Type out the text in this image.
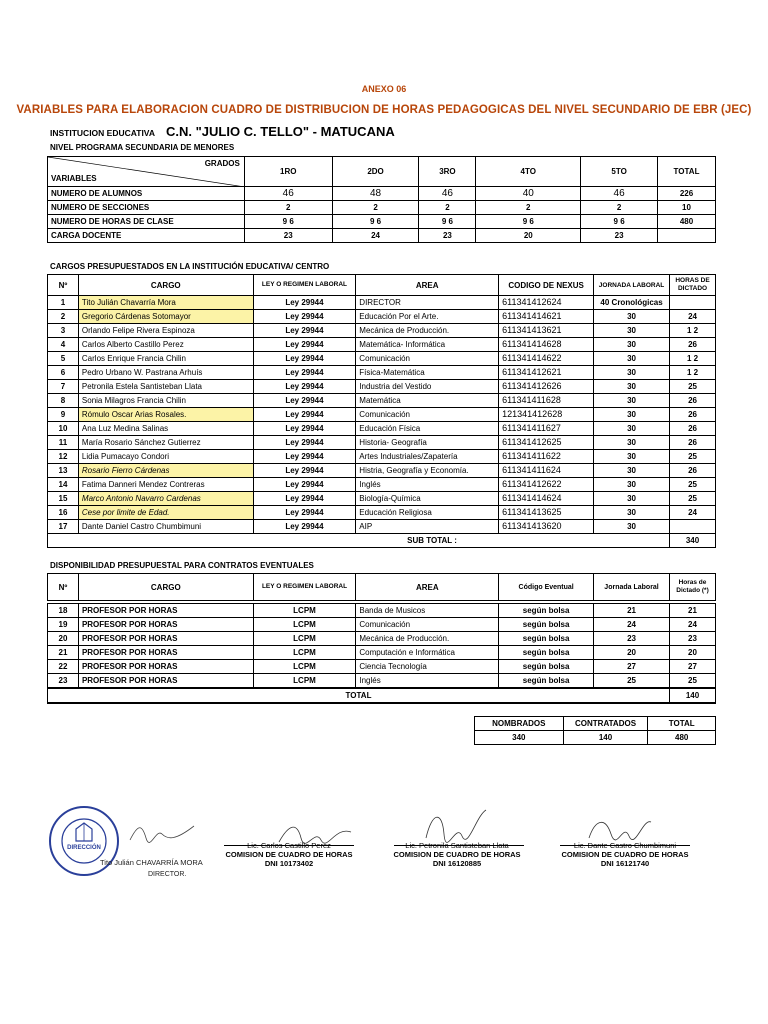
ANEXO 06
VARIABLES PARA ELABORACION CUADRO DE DISTRIBUCION DE HORAS PEDAGOGICAS DEL NIVEL SECUNDARIO DE EBR (JEC)
INSTITUCION EDUCATIVA C.N. "JULIO C. TELLO" - MATUCANA
NIVEL PROGRAMA SECUNDARIA DE MENORES
GRADOS
VARIABLES	1RO	2DO	3RO	4TO	5TO	TOTAL
NUMERO DE ALUMNOS	46	48	46	40	46	226
NUMERO DE SECCIONES	2	2	2	2	2	10
NUMERO DE HORAS DE CLASE	9 6	9 6	9 6	9 6	9 6	480
CARGA DOCENTE	23	24	23	20	23	
CARGOS PRESUPUESTADOS EN LA INSTITUCIÓN EDUCATIVA/ CENTRO
Nº	CARGO	LEY O REGIMEN LABORAL	AREA	CODIGO DE NEXUS	JORNADA LABORAL	HORAS DE DICTADO
1	Tito Julián Chavarría Mora	Ley 29944	DIRECTOR	611341412624	40 Cronológicas	
2	Gregorio Cárdenas Sotomayor	Ley 29944	Educación Por el Arte.	611341414621	30	24
3	Orlando Felipe Rivera Espinoza	Ley 29944	Mecánica de Producción.	611341413621	30	1 2
4	Carlos Alberto Castillo Perez	Ley 29944	Matemática- Informática	611341414628	30	26
5	Carlos Enrique Francia Chilin	Ley 29944	Comunicación	611341414622	30	1 2
6	Pedro Urbano W. Pastrana Arhuís	Ley 29944	Física-Matemática	611341412621	30	1 2
7	Petronila Estela Santisteban Llata	Ley 29944	Industria del Vestido	611341412626	30	25
8	Sonia Milagros Francia Chilin	Ley 29944	Matemática	611341411628	30	26
9	Rómulo Oscar Arias Rosales.	Ley 29944	Comunicación	121341412628	30	26
10	Ana Luz Medina Salinas	Ley 29944	Educación Física	611341411627	30	26
11	María Rosario Sánchez Gutierrez	Ley 29944	Historia- Geografía	611341412625	30	26
12	Lidia Pumacayo Condori	Ley 29944	Artes Industriales/Zapatería	611341411622	30	25
13	Rosario Fierro Cárdenas	Ley 29944	Histria, Geografía y Economía.	611341411624	30	26
14	Fatima Danneri Mendez Contreras	Ley 29944	Inglés	611341412622	30	25
15	Marco Antonio Navarro Cardenas	Ley 29944	Biología-Química	611341414624	30	25
16	Cese por limite de Edad.	Ley 29944	Educación Religiosa	611341413625	30	24
17	Dante Daniel Castro Chumbimuni	Ley 29944	AIP	611341413620	30	
SUB TOTAL :						340
DISPONIBILIDAD PRESUPUESTAL PARA CONTRATOS EVENTUALES
Nº	CARGO	LEY O REGIMEN LABORAL	AREA	Código Eventual	Jornada Laboral	Horas de Dictado (*)

18	PROFESOR POR HORAS	LCPM	Banda de Musicos	según bolsa	21	21
19	PROFESOR POR HORAS	LCPM	Comunicación	según bolsa	24	24
20	PROFESOR POR HORAS	LCPM	Mecánica de Producción.	según bolsa	23	23
21	PROFESOR POR HORAS	LCPM	Computación e Informática	según bolsa	20	20
22	PROFESOR POR HORAS	LCPM	Ciencia Tecnología	según bolsa	27	27
23	PROFESOR POR HORAS	LCPM	Inglés	según bolsa	25	25
TOTAL						140
NOMBRADOS	CONTRATADOS	TOTAL
340	140	480
DIRECCIÓN
Tito Julián CHAVARRÍA MORA
DIRECTOR.
Lic. Carlos Castillo Perez
COMISION DE CUADRO DE HORAS
DNI 10173402
Lic. Petronila Santisteban Llata
COMISION DE CUADRO DE HORAS
DNI 16120885
Lic. Dante Castro Chumbimuni
COMISION DE CUADRO DE HORAS
DNI 16121740
